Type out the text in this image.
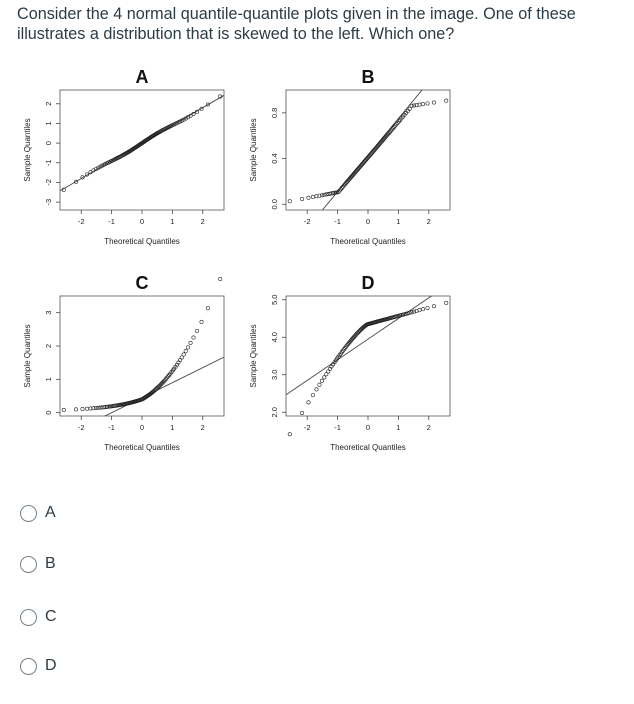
Consider the 4 normal quantile-quantile plots given in the image. One of these illustrates a distribution that is skewed to the left. Which one?

A
-2	-1	0	1	2
Theoretical Quantiles
-3
-2
-1
0
1
2
Sample Quantiles
B
-2	-1	0	1	2
Theoretical Quantiles
0.0
0.4
0.8
Sample Quantiles
C
-2	-1	0	1	2
Theoretical Quantiles
0
1
2
3
Sample Quantiles
D
-2	-1	0	1	2
Theoretical Quantiles
2.0
3.0
4.0
5.0
Sample Quantiles
A
B
C
D
